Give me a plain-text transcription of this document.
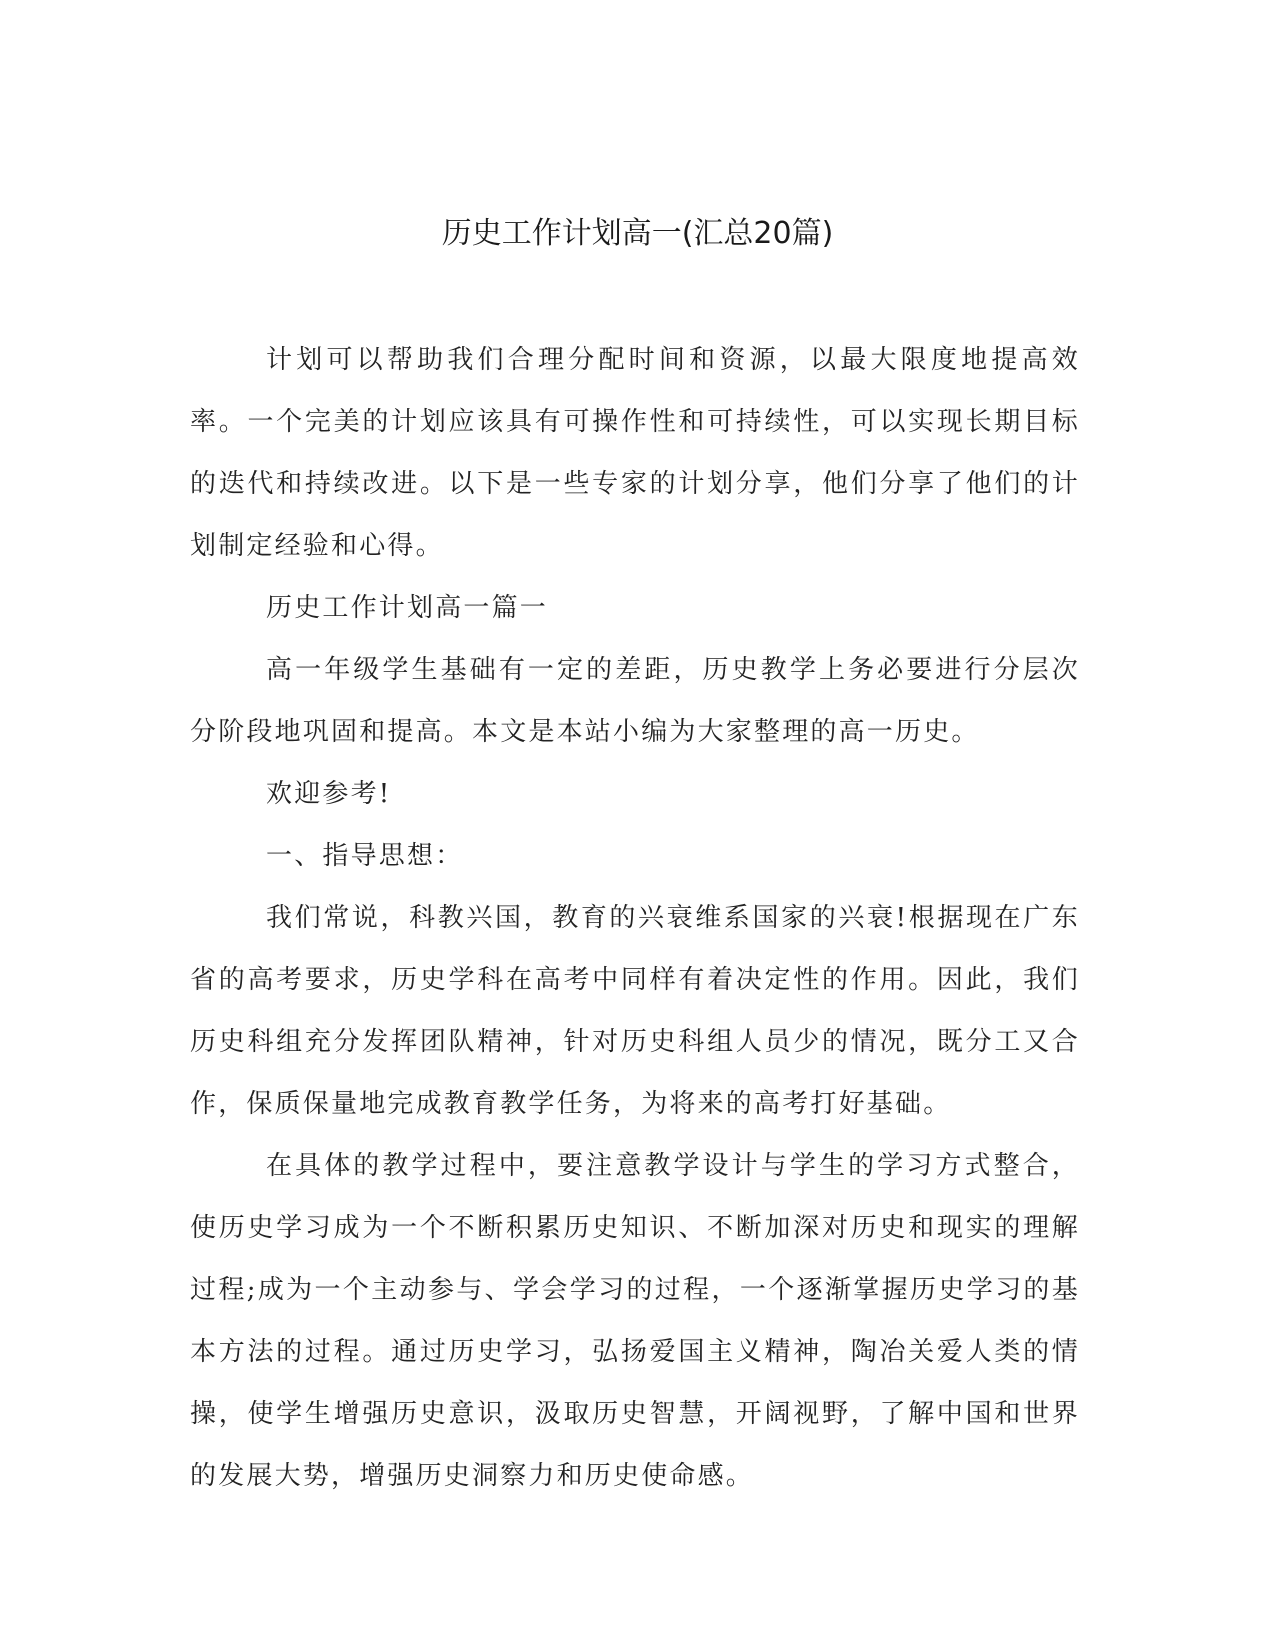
历史工作计划高一(汇总20篇)

计划可以帮助我们合理分配时间和资源，以最大限度地提高效率。一个完美的计划应该具有可操作性和可持续性，可以实现长期目标的迭代和持续改进。以下是一些专家的计划分享，他们分享了他们的计划制定经验和心得。

历史工作计划高一篇一

高一年级学生基础有一定的差距，历史教学上务必要进行分层次分阶段地巩固和提高。本文是本站小编为大家整理的高一历史。

欢迎参考!

一、指导思想：

我们常说，科教兴国，教育的兴衰维系国家的兴衰!根据现在广东省的高考要求，历史学科在高考中同样有着决定性的作用。因此，我们历史科组充分发挥团队精神，针对历史科组人员少的情况，既分工又合作，保质保量地完成教育教学任务，为将来的高考打好基础。

在具体的教学过程中，要注意教学设计与学生的学习方式整合，使历史学习成为一个不断积累历史知识、不断加深对历史和现实的理解过程;成为一个主动参与、学会学习的过程，一个逐渐掌握历史学习的基本方法的过程。通过历史学习，弘扬爱国主义精神，陶冶关爱人类的情操，使学生增强历史意识，汲取历史智慧，开阔视野，了解中国和世界的发展大势，增强历史洞察力和历史使命感。
